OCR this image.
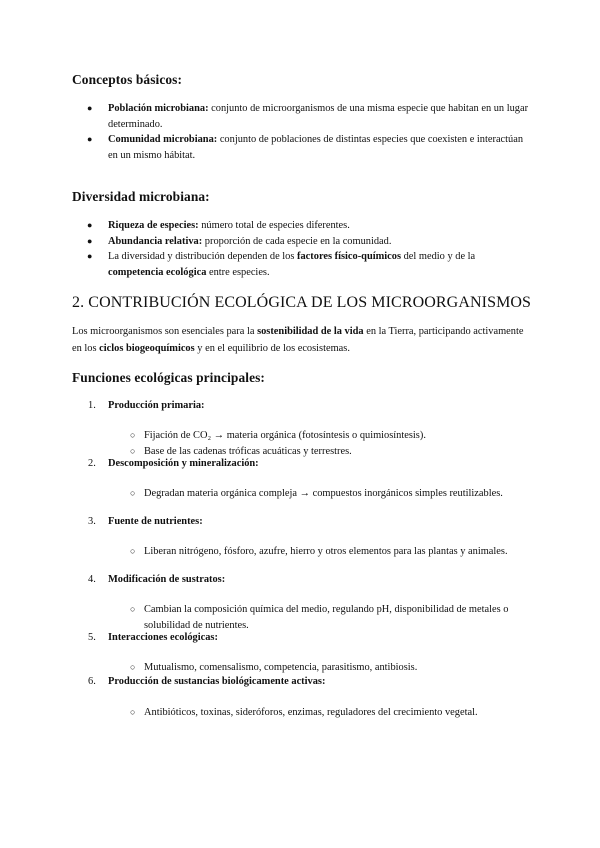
Conceptos básicos:
● Población microbiana: conjunto de microorganismos de una misma especie que habitan en un lugar determinado.
● Comunidad microbiana: conjunto de poblaciones de distintas especies que coexisten e interactúan en un mismo hábitat.
Diversidad microbiana:
● Riqueza de especies: número total de especies diferentes.
● Abundancia relativa: proporción de cada especie en la comunidad.
● La diversidad y distribución dependen de los factores físico-químicos del medio y de la competencia ecológica entre especies.
2. CONTRIBUCIÓN ECOLÓGICA DE LOS MICROORGANISMOS

Los microorganismos son esenciales para la sostenibilidad de la vida en la Tierra, participando activamente en los ciclos biogeoquímicos y en el equilibrio de los ecosistemas.

Funciones ecológicas principales:
1. Producción primaria:
○ Fijación de CO₂ → materia orgánica (fotosíntesis o quimiosíntesis).
○ Base de las cadenas tróficas acuáticas y terrestres.
2. Descomposición y mineralización:
○ Degradan materia orgánica compleja → compuestos inorgánicos simples reutilizables.
3. Fuente de nutrientes:
○ Liberan nitrógeno, fósforo, azufre, hierro y otros elementos para las plantas y animales.
4. Modificación de sustratos:
○ Cambian la composición química del medio, regulando pH, disponibilidad de metales o solubilidad de nutrientes.
5. Interacciones ecológicas:
○ Mutualismo, comensalismo, competencia, parasitismo, antibiosis.
6. Producción de sustancias biológicamente activas:
○ Antibióticos, toxinas, sideróforos, enzimas, reguladores del crecimiento vegetal.
